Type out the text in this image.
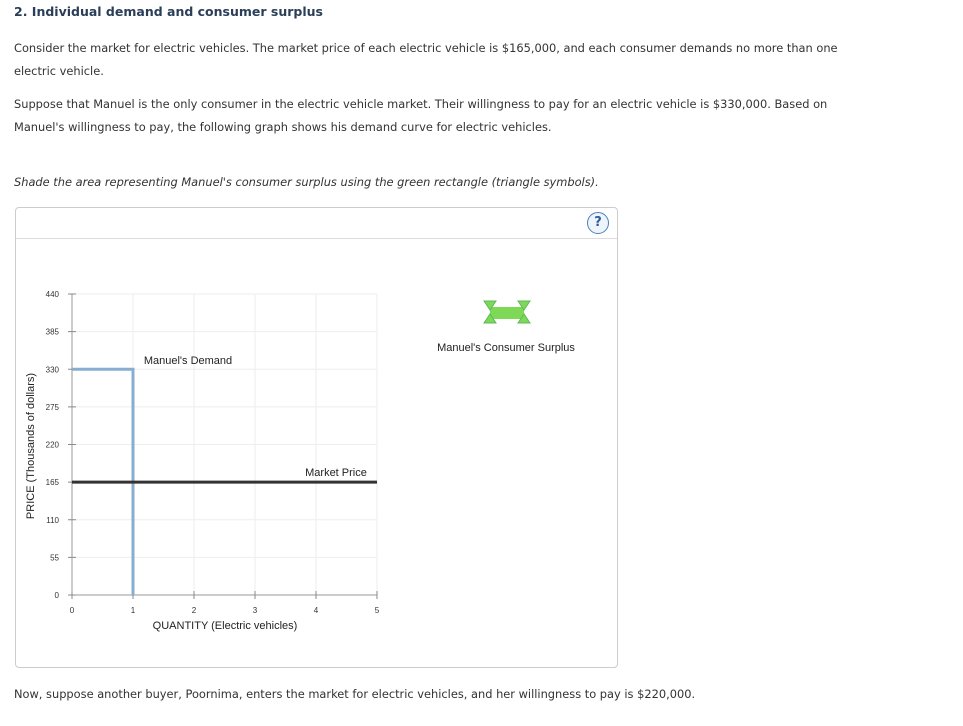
2. Individual demand and consumer surplus
Consider the market for electric vehicles. The market price of each electric vehicle is $165,000, and each consumer demands no more than one electric vehicle.
Suppose that Manuel is the only consumer in the electric vehicle market. Their willingness to pay for an electric vehicle is $330,000. Based on Manuel's willingness to pay, the following graph shows his demand curve for electric vehicles.
Shade the area representing Manuel's consumer surplus using the green rectangle (triangle symbols).
?
0
55
110
165
220
275
330
385
440
0	1	2	3	4	5
Manuel's Consumer Surplus
PRICE (Thousands of dollars)
QUANTITY (Electric vehicles)
Manuel's Demand
Market Price
Now, suppose another buyer, Poornima, enters the market for electric vehicles, and her willingness to pay is $220,000.
